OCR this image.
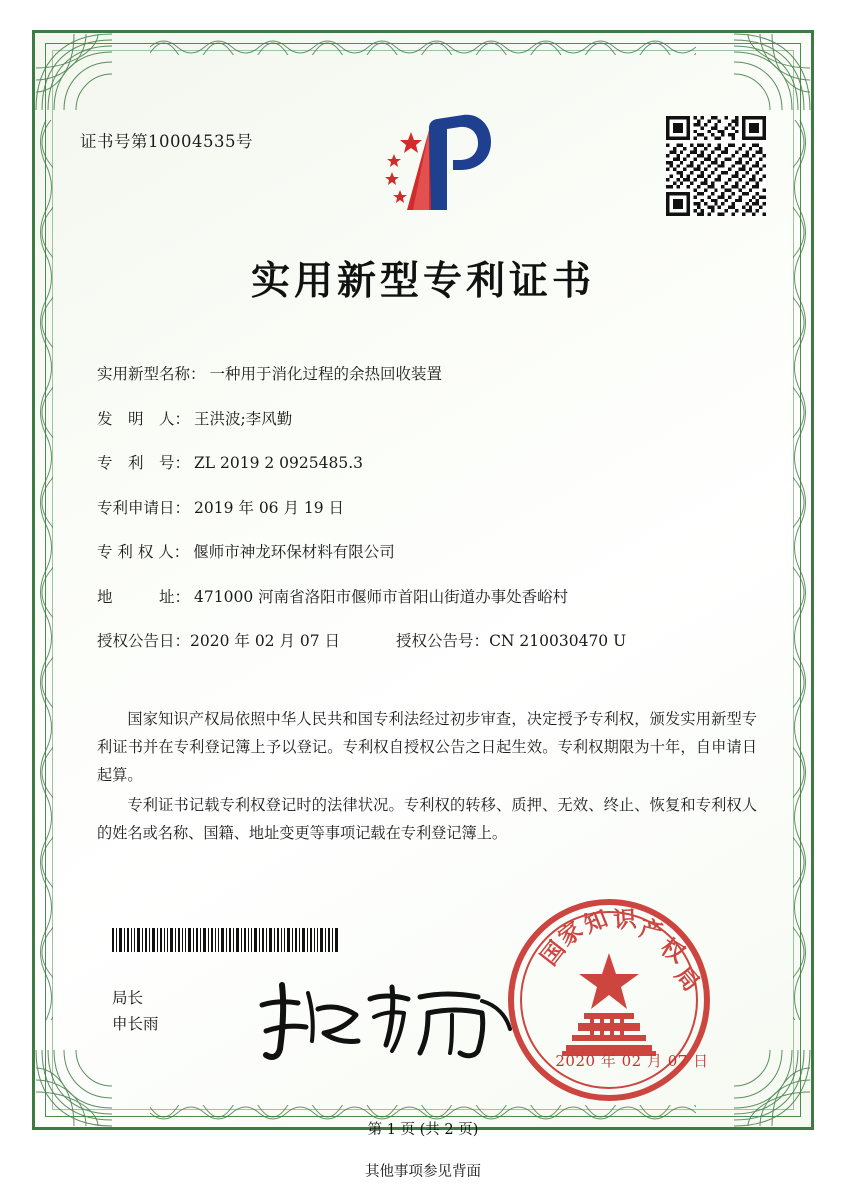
证书号第10004535号
实用新型专利证书
实用新型名称： 一种用于消化过程的余热回收装置
发　明　人： 王洪波;李风勤
专　利　号： ZL 2019 2 0925485.3
专利申请日： 2019 年 06 月 19 日
专 利 权 人： 偃师市神龙环保材料有限公司
地　　　址： 471000 河南省洛阳市偃师市首阳山街道办事处香峪村
授权公告日： 2020 年 02 月 07 日	授权公告号： CN 210030470 U

国家知识产权局依照中华人民共和国专利法经过初步审查，决定授予专利权，颁发实用新型专利证书并在专利登记簿上予以登记。专利权自授权公告之日起生效。专利权期限为十年，自申请日起算。

专利证书记载专利权登记时的法律状况。专利权的转移、质押、无效、终止、恢复和专利权人的姓名或名称、国籍、地址变更等事项记载在专利登记簿上。

局长
申长雨
国
家
知 识 产
权
局
2020 年 02 月 07 日
第 1 页 (共 2 页)
其他事项参见背面
